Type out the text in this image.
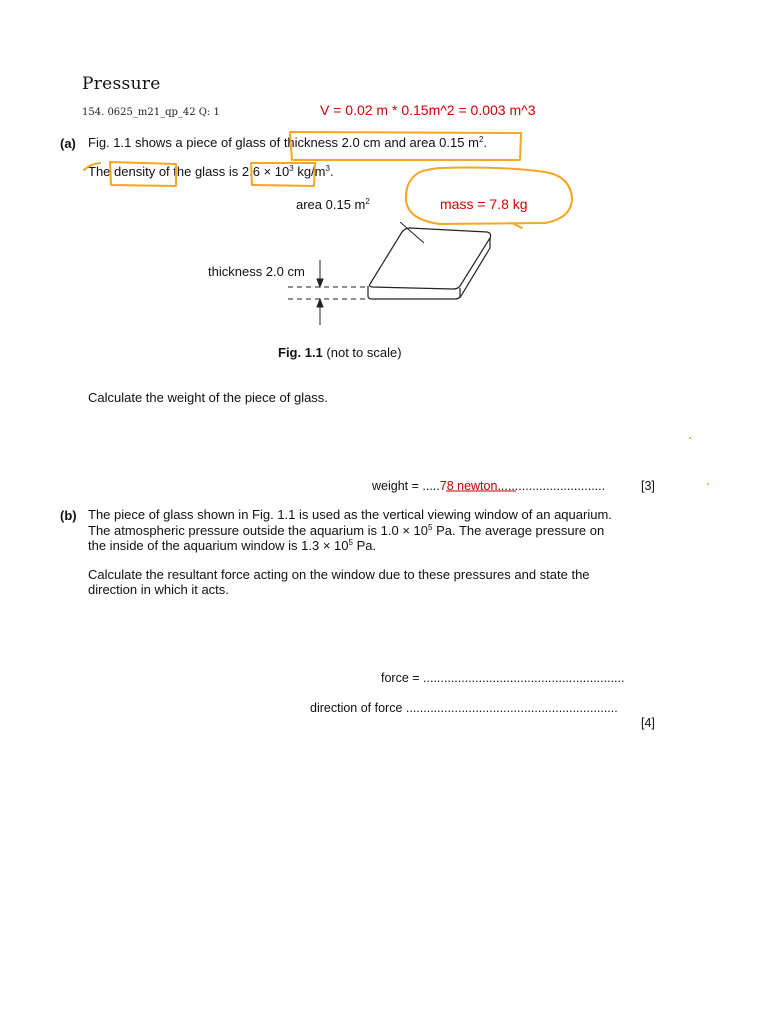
Pressure
154. 0625_m21_qp_42 Q: 1	V = 0.02 m * 0.15m^2 = 0.003 m^3
(a) Fig. 1.1 shows a piece of glass of thickness 2.0 cm and area 0.15 $m^2$.
The density of the glass is $2.6 \times 10^3$ $kg/m^3$.
area 0.15 $m^2$	mass = 7.8 kg
thickness 2.0 cm
Fig. 1.1 (not to scale)
Calculate the weight of the piece of glass.
weight = .....78 newton...............................	[3]
(b) The piece of glass shown in Fig. 1.1 is used as the vertical viewing window of an aquarium.
The atmospheric pressure outside the aquarium is $1.0 \times 10^5$ Pa. The average pressure on
the inside of the aquarium window is $1.3 \times 10^5$ Pa.
Calculate the resultant force acting on the window due to these pressures and state the
direction in which it acts.
force = ..........................................................
direction of force .............................................................
[4]
